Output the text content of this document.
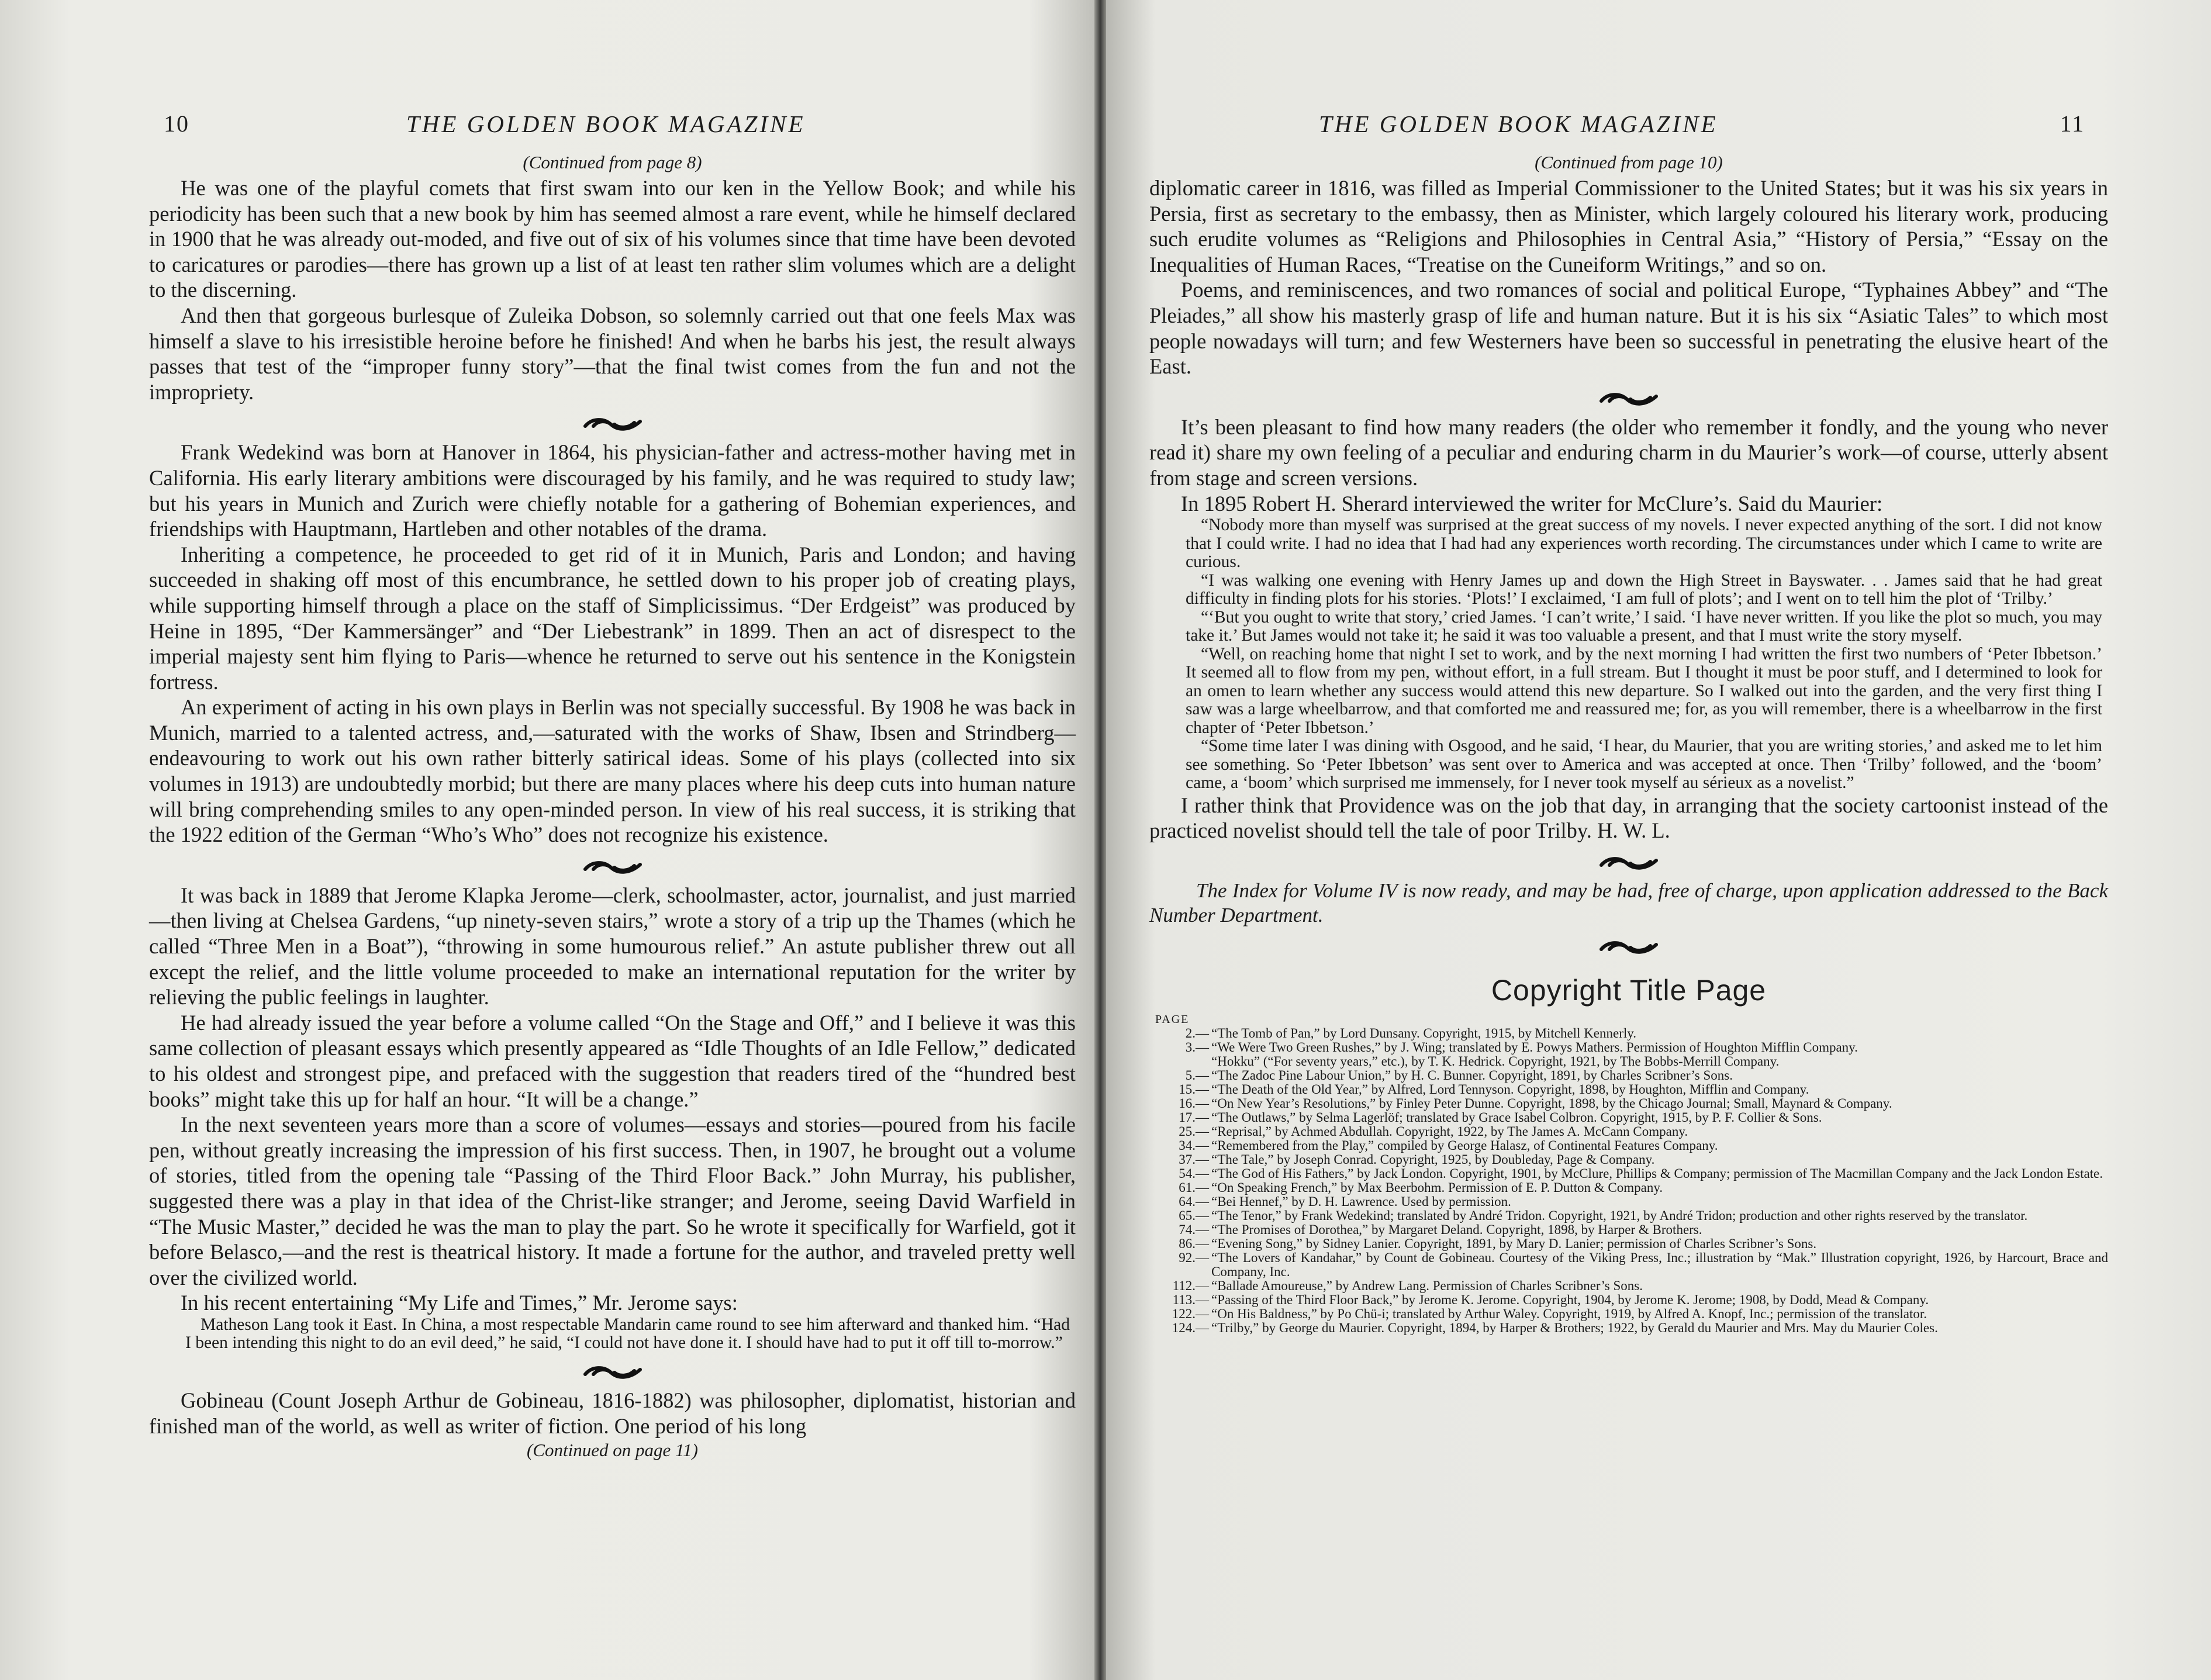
10	THE GOLDEN BOOK MAGAZINE
(Continued from page 8)

He was one of the playful comets that first swam into our ken in the Yellow Book; and while his periodicity has been such that a new book by him has seemed almost a rare event, while he himself declared in 1900 that he was already out-moded, and five out of six of his volumes since that time have been devoted to caricatures or parodies—there has grown up a list of at least ten rather slim volumes which are a delight to the discerning.

And then that gorgeous burlesque of Zuleika Dobson, so solemnly carried out that one feels Max was himself a slave to his irresistible heroine before he finished! And when he barbs his jest, the result always passes that test of the “improper funny story”—that the final twist comes from the fun and not the impropriety.

Frank Wedekind was born at Hanover in 1864, his physician-father and actress-mother having met in California. His early literary ambitions were discouraged by his family, and he was required to study law; but his years in Munich and Zurich were chiefly notable for a gathering of Bohemian experiences, and friendships with Hauptmann, Hartleben and other notables of the drama.

Inheriting a competence, he proceeded to get rid of it in Munich, Paris and London; and having succeeded in shaking off most of this encumbrance, he settled down to his proper job of creating plays, while supporting himself through a place on the staff of Simplicissimus. “Der Erdgeist” was produced by Heine in 1895, “Der Kammersänger” and “Der Liebestrank” in 1899. Then an act of disrespect to the imperial majesty sent him flying to Paris—whence he returned to serve out his sentence in the Konigstein fortress.

An experiment of acting in his own plays in Berlin was not specially successful. By 1908 he was back in Munich, married to a talented actress, and,—saturated with the works of Shaw, Ibsen and Strindberg—endeavouring to work out his own rather bitterly satirical ideas. Some of his plays (collected into six volumes in 1913) are undoubtedly morbid; but there are many places where his deep cuts into human nature will bring comprehending smiles to any open-minded person. In view of his real success, it is striking that the 1922 edition of the German “Who’s Who” does not recognize his existence.

It was back in 1889 that Jerome Klapka Jerome—clerk, schoolmaster, actor, journalist, and just married—then living at Chelsea Gardens, “up ninety-seven stairs,” wrote a story of a trip up the Thames (which he called “Three Men in a Boat”), “throwing in some humourous relief.” An astute publisher threw out all except the relief, and the little volume proceeded to make an international reputation for the writer by relieving the public feelings in laughter.

He had already issued the year before a volume called “On the Stage and Off,” and I believe it was this same collection of pleasant essays which presently appeared as “Idle Thoughts of an Idle Fellow,” dedicated to his oldest and strongest pipe, and prefaced with the suggestion that readers tired of the “hundred best books” might take this up for half an hour. “It will be a change.”

In the next seventeen years more than a score of volumes—essays and stories—poured from his facile pen, without greatly increasing the impression of his first success. Then, in 1907, he brought out a volume of stories, titled from the opening tale “Passing of the Third Floor Back.” John Murray, his publisher, suggested there was a play in that idea of the Christ-like stranger; and Jerome, seeing David Warfield in “The Music Master,” decided he was the man to play the part. So he wrote it specifically for Warfield, got it before Belasco,—and the rest is theatrical history. It made a fortune for the author, and traveled pretty well over the civilized world.

In his recent entertaining “My Life and Times,” Mr. Jerome says:

Matheson Lang took it East. In China, a most respectable Mandarin came round to see him afterward and thanked him. “Had I been intending this night to do an evil deed,” he said, “I could not have done it. I should have had to put it off till to-morrow.”

Gobineau (Count Joseph Arthur de Gobineau, 1816-1882) was philosopher, diplomatist, historian and finished man of the world, as well as writer of fiction. One period of his long

(Continued on page 11)
THE GOLDEN BOOK MAGAZINE	11
(Continued from page 10)

diplomatic career in 1816, was filled as Imperial Commissioner to the United States; but it was his six years in Persia, first as secretary to the embassy, then as Minister, which largely coloured his literary work, producing such erudite volumes as “Religions and Philosophies in Central Asia,” “History of Persia,” “Essay on the Inequalities of Human Races, “Treatise on the Cuneiform Writings,” and so on.

Poems, and reminiscences, and two romances of social and political Europe, “Typhaines Abbey” and “The Pleiades,” all show his masterly grasp of life and human nature. But it is his six “Asiatic Tales” to which most people nowadays will turn; and few Westerners have been so successful in penetrating the elusive heart of the East.

It’s been pleasant to find how many readers (the older who remember it fondly, and the young who never read it) share my own feeling of a peculiar and enduring charm in du Maurier’s work—of course, utterly absent from stage and screen versions.

In 1895 Robert H. Sherard interviewed the writer for McClure’s. Said du Maurier:

“Nobody more than myself was surprised at the great success of my novels. I never expected anything of the sort. I did not know that I could write. I had no idea that I had had any experiences worth recording. The circumstances under which I came to write are curious.

“I was walking one evening with Henry James up and down the High Street in Bayswater. . . James said that he had great difficulty in finding plots for his stories. ‘Plots!’ I exclaimed, ‘I am full of plots’; and I went on to tell him the plot of ‘Trilby.’

“‘But you ought to write that story,’ cried James. ‘I can’t write,’ I said. ‘I have never written. If you like the plot so much, you may take it.’ But James would not take it; he said it was too valuable a present, and that I must write the story myself.

“Well, on reaching home that night I set to work, and by the next morning I had written the first two numbers of ‘Peter Ibbetson.’ It seemed all to flow from my pen, without effort, in a full stream. But I thought it must be poor stuff, and I determined to look for an omen to learn whether any success would attend this new departure. So I walked out into the garden, and the very first thing I saw was a large wheelbarrow, and that comforted me and reassured me; for, as you will remember, there is a wheelbarrow in the first chapter of ‘Peter Ibbetson.’

“Some time later I was dining with Osgood, and he said, ‘I hear, du Maurier, that you are writing stories,’ and asked me to let him see something. So ‘Peter Ibbetson’ was sent over to America and was accepted at once. Then ‘Trilby’ followed, and the ‘boom’ came, a ‘boom’ which surprised me immensely, for I never took myself au sérieux as a novelist.”

I rather think that Providence was on the job that day, in arranging that the society cartoonist instead of the practiced novelist should tell the tale of poor Trilby. H. W. L.

The Index for Volume IV is now ready, and may be had, free of charge, upon application addressed to the Back Number Department.

Copyright Title Page
PAGE
2.— “The Tomb of Pan,” by Lord Dunsany. Copyright, 1915, by Mitchell Kennerly.
3.— “We Were Two Green Rushes,” by J. Wing; translated by E. Powys Mathers. Permission of Houghton Mifflin Company.
“Hokku” (“For seventy years,” etc.), by T. K. Hedrick. Copyright, 1921, by The Bobbs-Merrill Company.
5.— “The Zadoc Pine Labour Union,” by H. C. Bunner. Copyright, 1891, by Charles Scribner’s Sons.
15.— “The Death of the Old Year,” by Alfred, Lord Tennyson. Copyright, 1898, by Houghton, Mifflin and Company.
16.— “On New Year’s Resolutions,” by Finley Peter Dunne. Copyright, 1898, by the Chicago Journal; Small, Maynard & Company.
17.— “The Outlaws,” by Selma Lagerlöf; translated by Grace Isabel Colbron. Copyright, 1915, by P. F. Collier & Sons.
25.— “Reprisal,” by Achmed Abdullah. Copyright, 1922, by The James A. McCann Company.
34.— “Remembered from the Play,” compiled by George Halasz, of Continental Features Company.
37.— “The Tale,” by Joseph Conrad. Copyright, 1925, by Doubleday, Page & Company.
54.— “The God of His Fathers,” by Jack London. Copyright, 1901, by McClure, Phillips & Company; permission of The Macmillan Company and the Jack London Estate.
61.— “On Speaking French,” by Max Beerbohm. Permission of E. P. Dutton & Company.
64.— “Bei Hennef,” by D. H. Lawrence. Used by permission.
65.— “The Tenor,” by Frank Wedekind; translated by André Tridon. Copyright, 1921, by André Tridon; production and other rights reserved by the translator.
74.— “The Promises of Dorothea,” by Margaret Deland. Copyright, 1898, by Harper & Brothers.
86.— “Evening Song,” by Sidney Lanier. Copyright, 1891, by Mary D. Lanier; permission of Charles Scribner’s Sons.
92.— “The Lovers of Kandahar,” by Count de Gobineau. Courtesy of the Viking Press, Inc.; illustration by “Mak.” Illustration copyright, 1926, by Harcourt, Brace and Company, Inc.
112.— “Ballade Amoureuse,” by Andrew Lang. Permission of Charles Scribner’s Sons.
113.— “Passing of the Third Floor Back,” by Jerome K. Jerome. Copyright, 1904, by Jerome K. Jerome; 1908, by Dodd, Mead & Company.
122.— “On His Baldness,” by Po Chü-i; translated by Arthur Waley. Copyright, 1919, by Alfred A. Knopf, Inc.; permission of the translator.
124.— “Trilby,” by George du Maurier. Copyright, 1894, by Harper & Brothers; 1922, by Gerald du Maurier and Mrs. May du Maurier Coles.
